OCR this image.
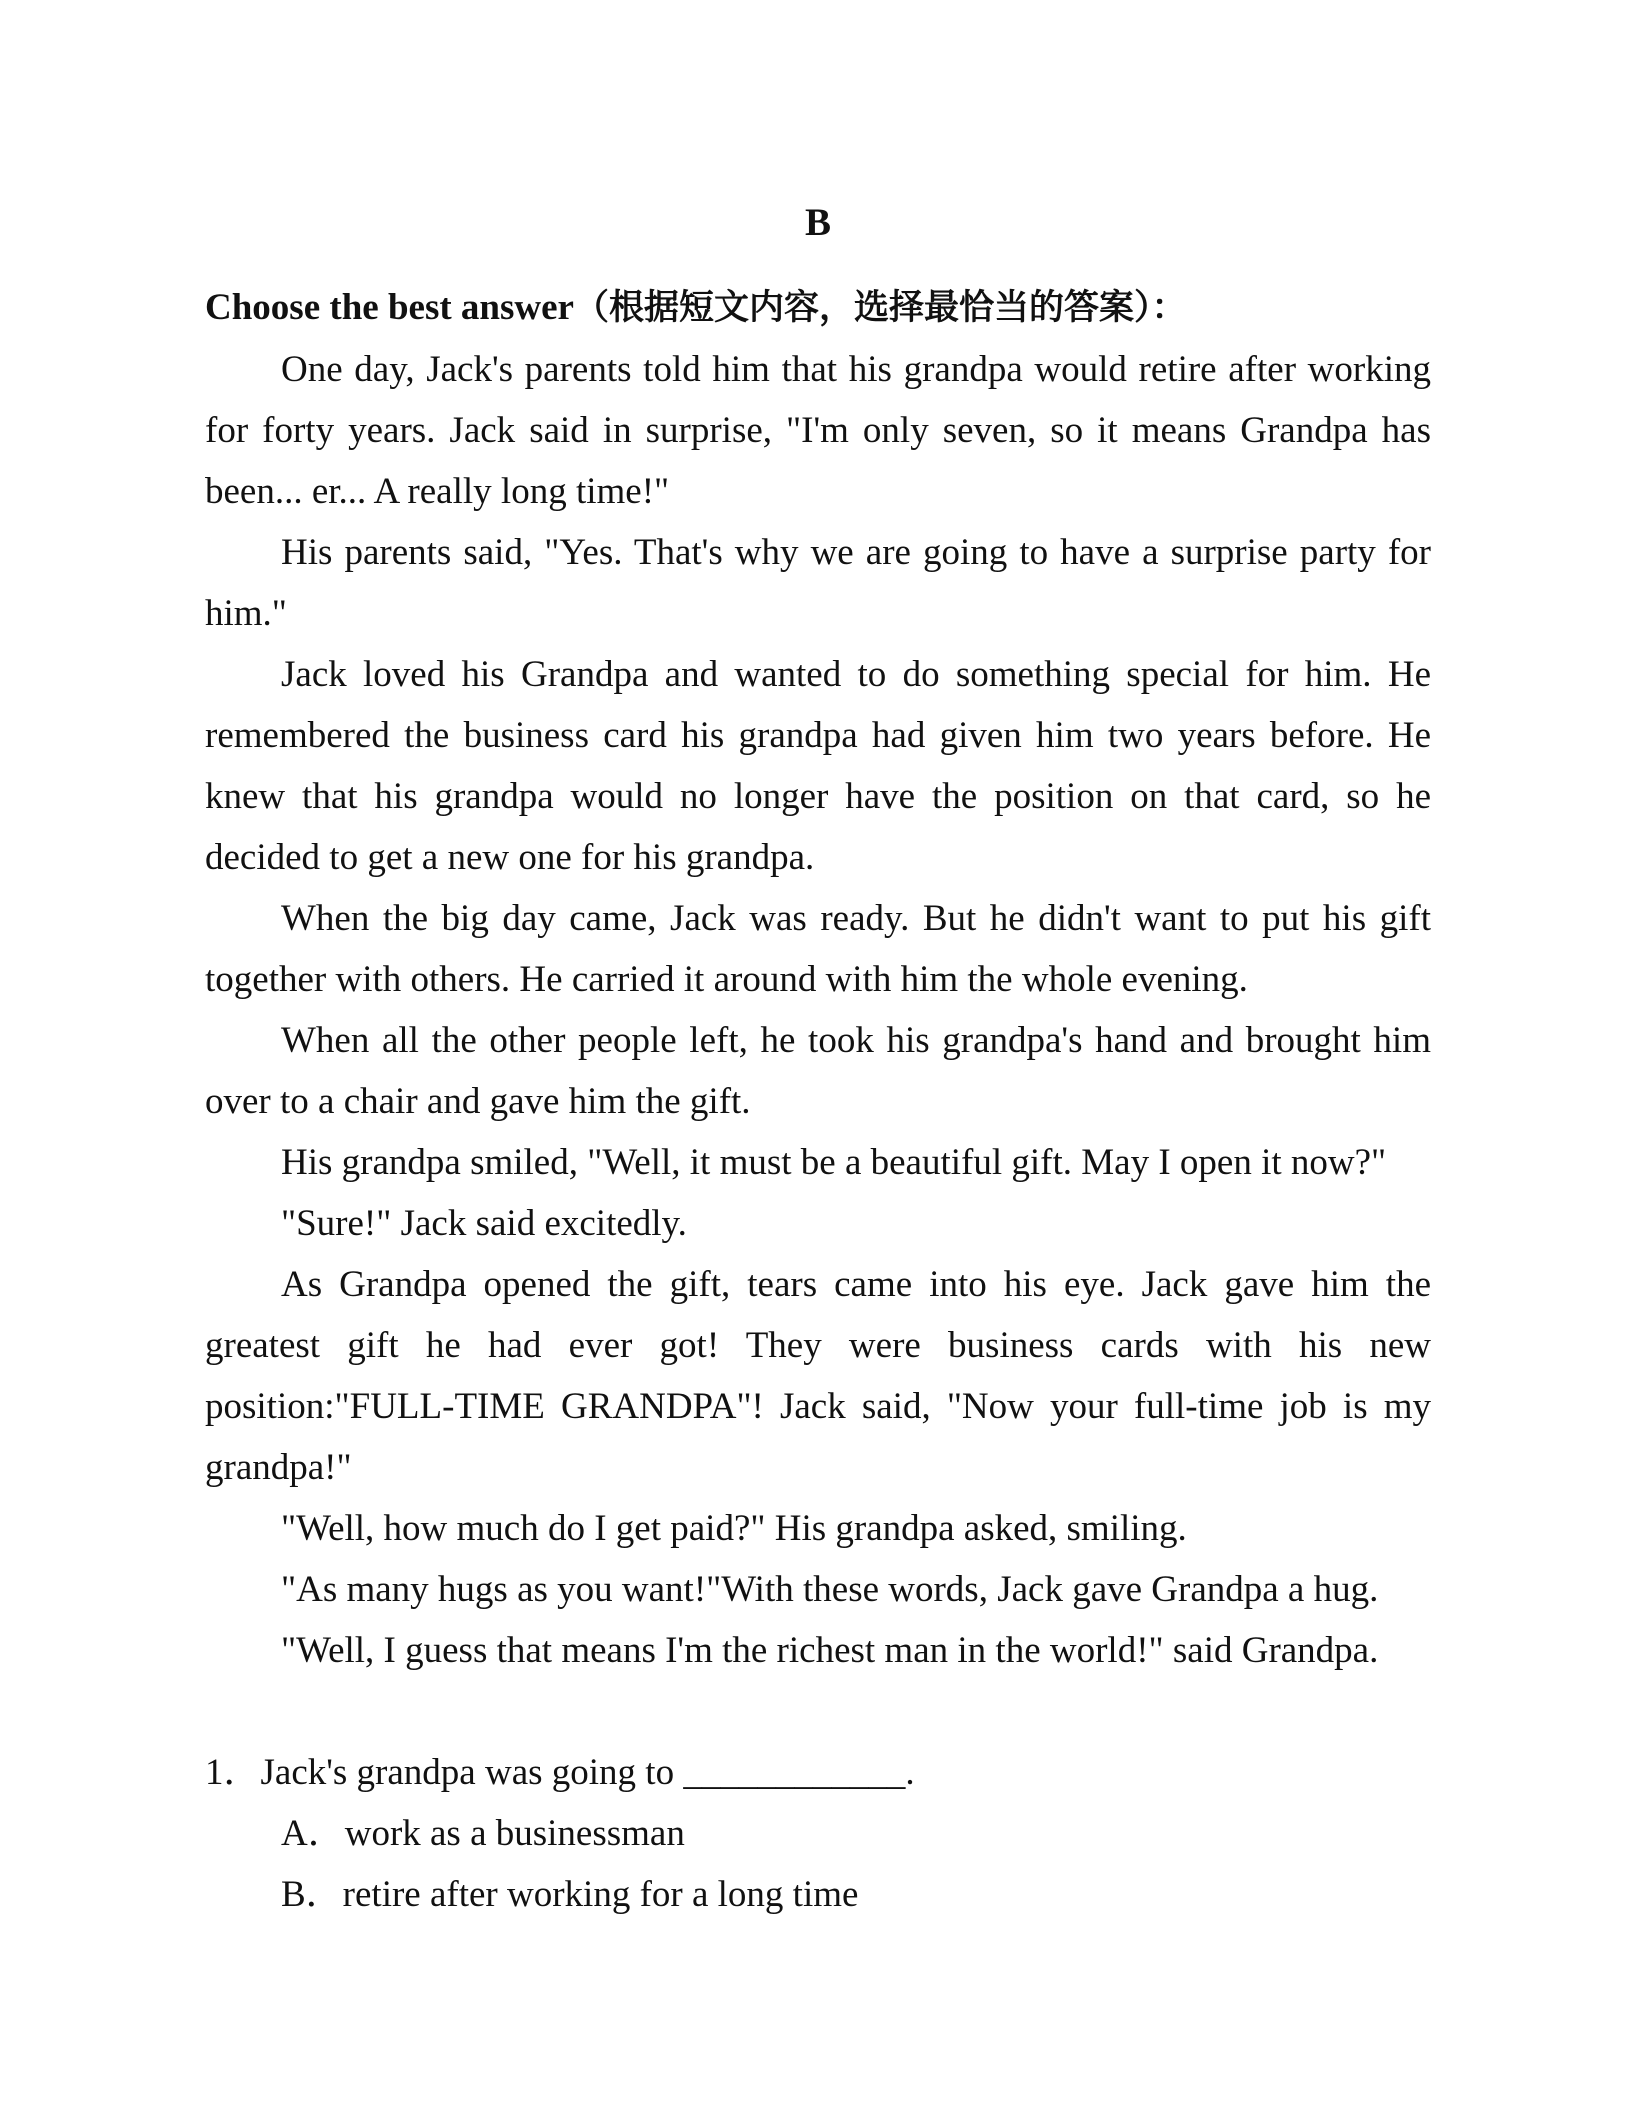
B

Choose the best answer（根据短文内容，选择最恰当的答案）：

One day, Jack's parents told him that his grandpa would retire after working for forty years. Jack said in surprise, "I'm only seven, so it means Grandpa has been... er... A really long time!"

His parents said, "Yes. That's why we are going to have a surprise party for him."

Jack loved his Grandpa and wanted to do something special for him. He remembered the business card his grandpa had given him two years before. He knew that his grandpa would no longer have the position on that card, so he decided to get a new one for his grandpa.

When the big day came, Jack was ready. But he didn't want to put his gift together with others. He carried it around with him the whole evening.

When all the other people left, he took his grandpa's hand and brought him over to a chair and gave him the gift.

His grandpa smiled, "Well, it must be a beautiful gift. May I open it now?"

"Sure!" Jack said excitedly.

As Grandpa opened the gift, tears came into his eye. Jack gave him the greatest gift he had ever got! They were business cards with his new position:"FULL-TIME GRANDPA"! Jack said, "Now your full-time job is my grandpa!"

"Well, how much do I get paid?" His grandpa asked, smiling.

"As many hugs as you want!"With these words, Jack gave Grandpa a hug.

"Well, I guess that means I'm the richest man in the world!" said Grandpa.

1．Jack's grandpa was going to ____________.

A．work as a businessman

B．retire after working for a long time
